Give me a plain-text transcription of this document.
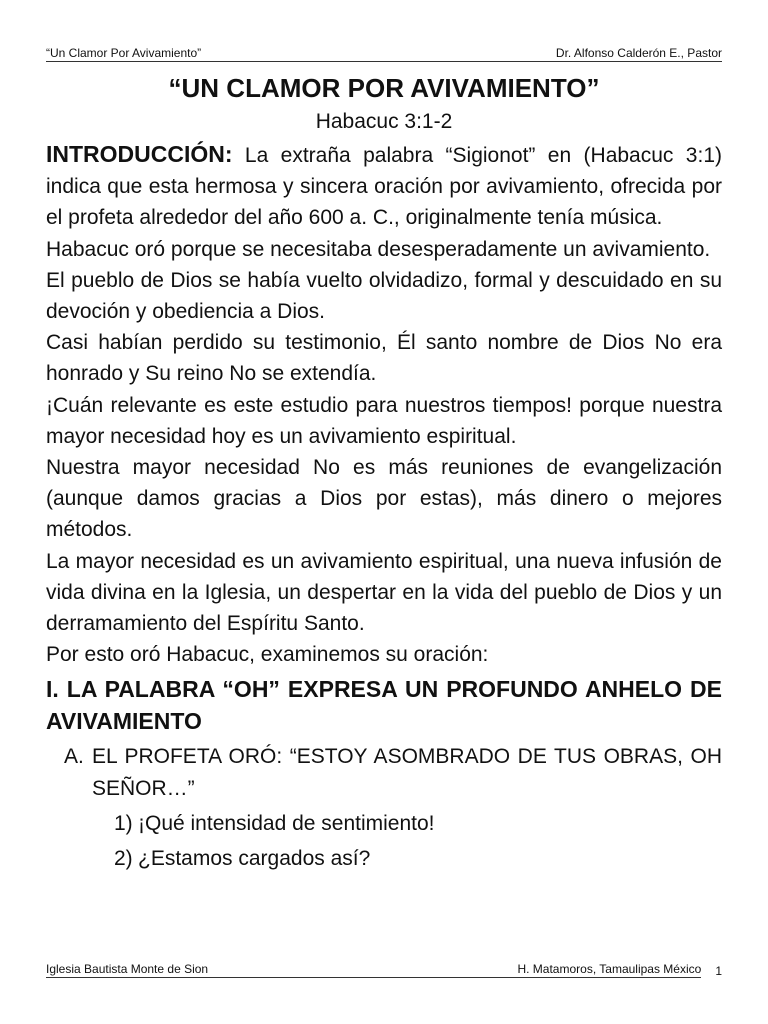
“Un Clamor Por Avivamiento”	Dr. Alfonso Calderón E., Pastor
“UN CLAMOR POR AVIVAMIENTO”
Habacuc 3:1-2

INTRODUCCIÓN: La extraña palabra “Sigionot” en (Habacuc 3:1) indica que esta hermosa y sincera oración por avivamiento, ofrecida por el profeta alrededor del año 600 a. C., originalmente tenía música.

Habacuc oró porque se necesitaba desesperadamente un avivamiento.

El pueblo de Dios se había vuelto olvidadizo, formal y descuidado en su devoción y obediencia a Dios.

Casi habían perdido su testimonio, Él santo nombre de Dios No era honrado y Su reino No se extendía.

¡Cuán relevante es este estudio para nuestros tiempos! porque nuestra mayor necesidad hoy es un avivamiento espiritual.

Nuestra mayor necesidad No es más reuniones de evangelización (aunque damos gracias a Dios por estas), más dinero o mejores métodos.

La mayor necesidad es un avivamiento espiritual, una nueva infusión de vida divina en la Iglesia, un despertar en la vida del pueblo de Dios y un derramamiento del Espíritu Santo.

Por esto oró Habacuc, examinemos su oración:

I. LA PALABRA “OH” EXPRESA UN PROFUNDO ANHELO DE AVIVAMIENTO
A. EL PROFETA ORÓ: “ESTOY ASOMBRADO DE TUS OBRAS, OH SEÑOR…”
1) ¡Qué intensidad de sentimiento!
2) ¿Estamos cargados así?
Iglesia Bautista Monte de Sion	H. Matamoros, Tamaulipas México 1
